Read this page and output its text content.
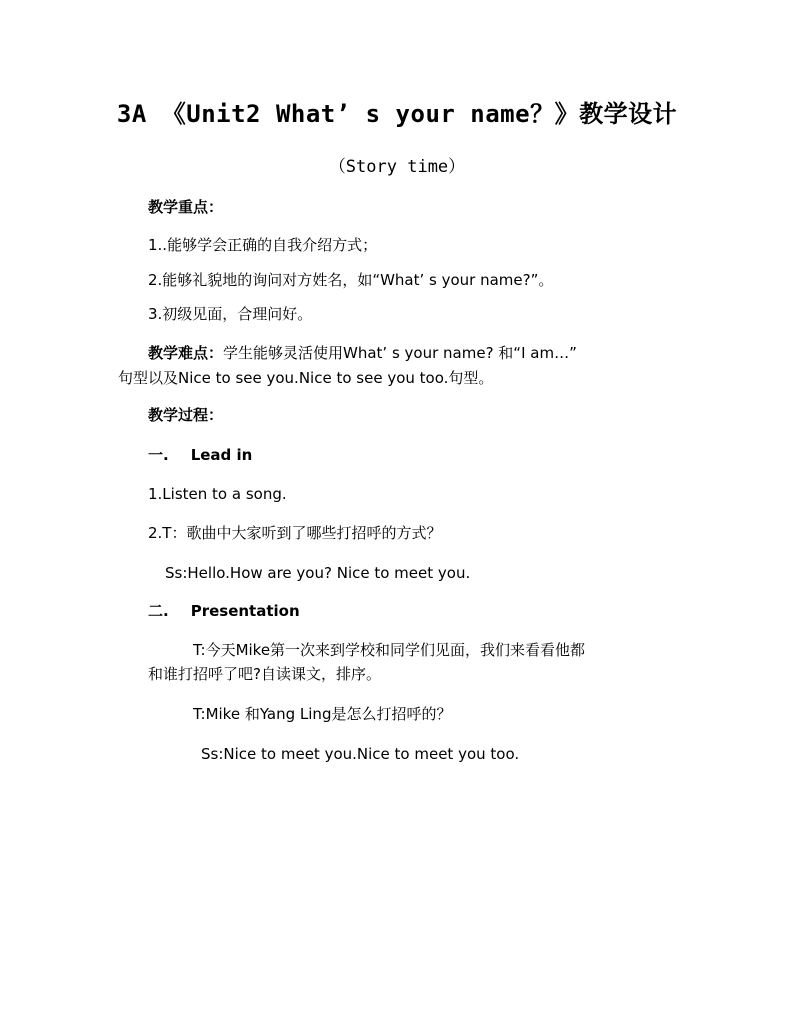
3A 《Unit2 What’ s your name？》教学设计
（Story time）
教学重点：
1..能够学会正确的自我介绍方式；
2.能够礼貌地的询问对方姓名，如“What’ s your name?”。
3.初级见面，合理问好。
教学难点：学生能够灵活使用What’ s your name? 和“I am…”
句型以及Nice to see you.Nice to see you too.句型。
教学过程：
一. Lead in
1.Listen to a song.
2.T：歌曲中大家听到了哪些打招呼的方式？
Ss:Hello.How are you? Nice to meet you.
二. Presentation
T:今天Mike第一次来到学校和同学们见面，我们来看看他都
和谁打招呼了吧?自读课文，排序。
T:Mike 和Yang Ling是怎么打招呼的？
Ss:Nice to meet you.Nice to meet you too.
